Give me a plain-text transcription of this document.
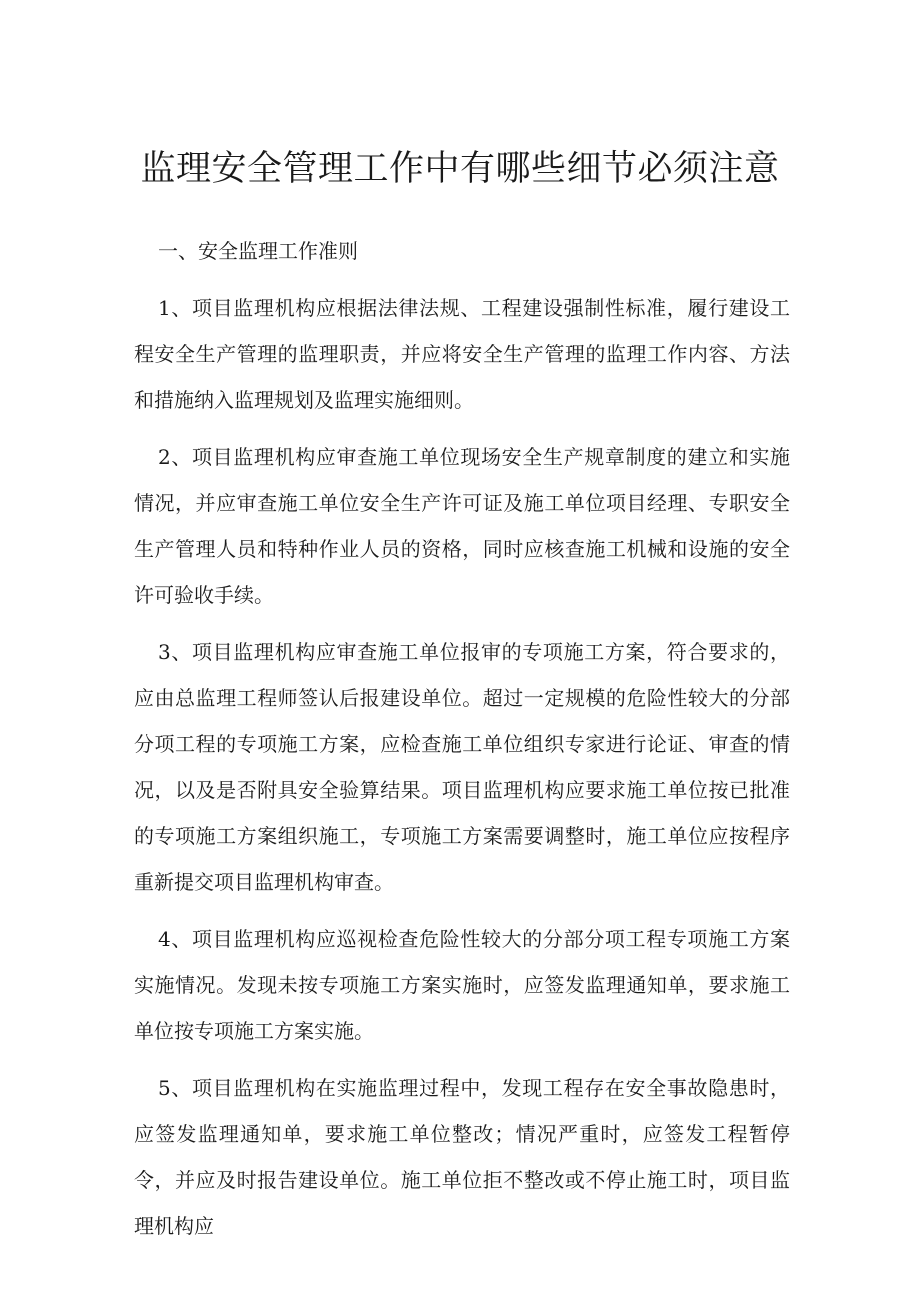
监理安全管理工作中有哪些细节必须注意

一、安全监理工作准则

1、项目监理机构应根据法律法规、工程建设强制性标准，履行建设工程安全生产管理的监理职责，并应将安全生产管理的监理工作内容、方法和措施纳入监理规划及监理实施细则。

2、项目监理机构应审查施工单位现场安全生产规章制度的建立和实施情况，并应审查施工单位安全生产许可证及施工单位项目经理、专职安全生产管理人员和特种作业人员的资格，同时应核查施工机械和设施的安全许可验收手续。

3、项目监理机构应审查施工单位报审的专项施工方案，符合要求的，应由总监理工程师签认后报建设单位。超过一定规模的危险性较大的分部分项工程的专项施工方案，应检查施工单位组织专家进行论证、审查的情况，以及是否附具安全验算结果。项目监理机构应要求施工单位按已批准的专项施工方案组织施工，专项施工方案需要调整时，施工单位应按程序重新提交项目监理机构审查。

4、项目监理机构应巡视检查危险性较大的分部分项工程专项施工方案实施情况。发现未按专项施工方案实施时，应签发监理通知单，要求施工单位按专项施工方案实施。

5、项目监理机构在实施监理过程中，发现工程存在安全事故隐患时，应签发监理通知单，要求施工单位整改；情况严重时，应签发工程暂停令，并应及时报告建设单位。施工单位拒不整改或不停止施工时，项目监理机构应
